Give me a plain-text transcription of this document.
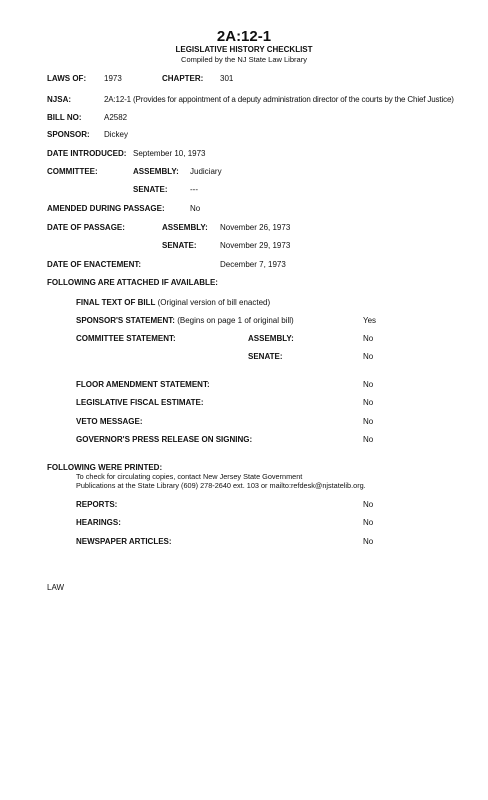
2A:12-1
LEGISLATIVE HISTORY CHECKLIST
Compiled by the NJ State Law Library
LAWS OF: 1973	CHAPTER: 301
NJSA:	2A:12-1 (Provides for appointment of a deputy administration director of the courts by the Chief Justice)
BILL NO:	A2582
SPONSOR: Dickey
DATE INTRODUCED: September 10, 1973
COMMITTEE:	ASSEMBLY: Judiciary
SENATE:	---
AMENDED DURING PASSAGE:	No
DATE OF PASSAGE:	ASSEMBLY: November 26, 1973
SENATE:	November 29, 1973
DATE OF ENACTEMENT:	December 7, 1973
FOLLOWING ARE ATTACHED IF AVAILABLE:
FINAL TEXT OF BILL (Original version of bill enacted)
SPONSOR'S STATEMENT: (Begins on page 1 of original bill)	Yes
COMMITTEE STATEMENT:	ASSEMBLY:	No
SENATE:	No
FLOOR AMENDMENT STATEMENT:	No
LEGISLATIVE FISCAL ESTIMATE:	No
VETO MESSAGE:	No
GOVERNOR'S PRESS RELEASE ON SIGNING:	No
FOLLOWING WERE PRINTED:
To check for circulating copies, contact New Jersey State Government
Publications at the State Library (609) 278-2640 ext. 103 or mailto:refdesk@njstatelib.org.
REPORTS:	No
HEARINGS:	No
NEWSPAPER ARTICLES:	No
LAW
